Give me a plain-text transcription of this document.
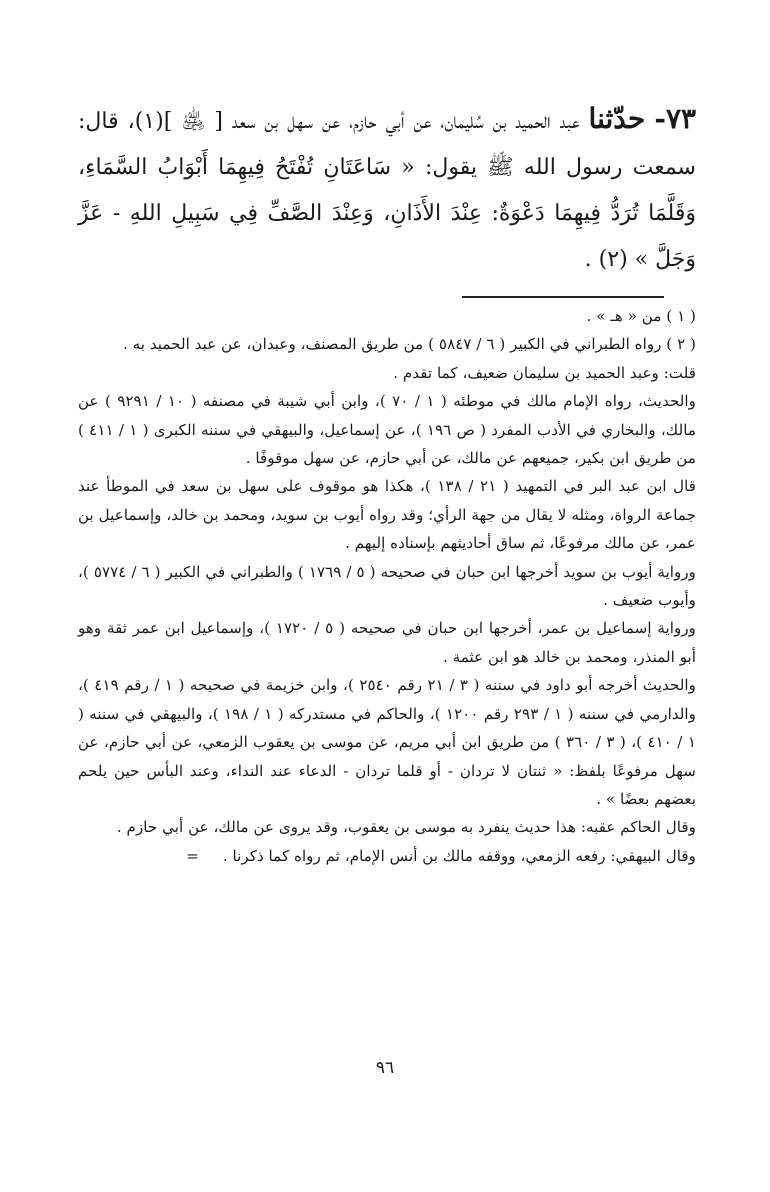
٧٣- حدّثنا عبد الحميد بن سُليمان، عن أبي حازم، عن سهل بن سعد [ ﵁ ](١)، قال: سمعت رسول الله ﷺ يقول: « سَاعَتَانِ تُفْتَحُ فِيهِمَا أَبْوَابُ السَّمَاءِ، وَقَلَّمَا تُرَدُّ فِيهِمَا دَعْوَةٌ: عِنْدَ الأَذَانِ، وَعِنْدَ الصَّفِّ فِي سَبِيلِ اللهِ - عَزَّ وَجَلَّ » (٢) .

( ١ ) من « هـ » .

( ٢ ) رواه الطبراني في الكبير ( ٦ / ٥٨٤٧ ) من طريق المصنف، وعبدان، عن عبد الحميد به .

قلت: وعبد الحميد بن سليمان ضعيف، كما تقدم .

والحديث، رواه الإمام مالك في موطئه ( ١ / ٧٠ )، وابن أبي شيبة في مصنفه ( ١٠ / ٩٢٩١ ) عن مالك، والبخاري في الأدب المفرد ( ص ١٩٦ )، عن إسماعيل، والبيهقي في سننه الكبرى ( ١ / ٤١١ ) من طريق ابن بكير، جميعهم عن مالك، عن أبي حازم، عن سهل موقوفًا .

قال ابن عبد البر في التمهيد ( ٢١ / ١٣٨ )، هكذا هو موقوف على سهل بن سعد في الموطأ عند جماعة الرواة، ومثله لا يقال من جهة الرأي؛ وقد رواه أيوب بن سويد، ومحمد بن خالد، وإسماعيل بن عمر، عن مالك مرفوعًا، ثم ساق أحاديثهم بإسناده إليهم .

ورواية أيوب بن سويد أخرجها ابن حبان في صحيحه ( ٥ / ١٧٦٩ ) والطبراني في الكبير ( ٦ / ٥٧٧٤ )، وأيوب ضعيف .

ورواية إسماعيل بن عمر، أخرجها ابن حبان في صحيحه ( ٥ / ١٧٢٠ )، وإسماعيل ابن عمر ثقة وهو أبو المنذر، ومحمد بن خالد هو ابن عثمة .

والحديث أخرجه أبو داود في سننه ( ٣ / ٢١ رقم ٢٥٤٠ )، وابن خزيمة في صحيحه ( ١ / رقم ٤١٩ )، والدارمي في سننه ( ١ / ٢٩٣ رقم ١٢٠٠ )، والحاكم في مستدركه ( ١ / ١٩٨ )، والبيهقي في سننه ( ١ / ٤١٠ )، ( ٣ / ٣٦٠ ) من طريق ابن أبي مريم، عن موسى بن يعقوب الزمعي، عن أبي حازم، عن سهل مرفوعًا بلفظ: « ثنتان لا تردان - أو قلما تردان - الدعاء عند النداء، وعند البأس حين يلحم بعضهم بعضًا » .

وقال الحاكم عقبه: هذا حديث ينفرد به موسى بن يعقوب، وقد يروى عن مالك، عن أبي حازم .

وقال البيهقي: رفعه الزمعي، ووقفه مالك بن أنس الإمام، ثم رواه كما ذكرنا .=

٩٦
